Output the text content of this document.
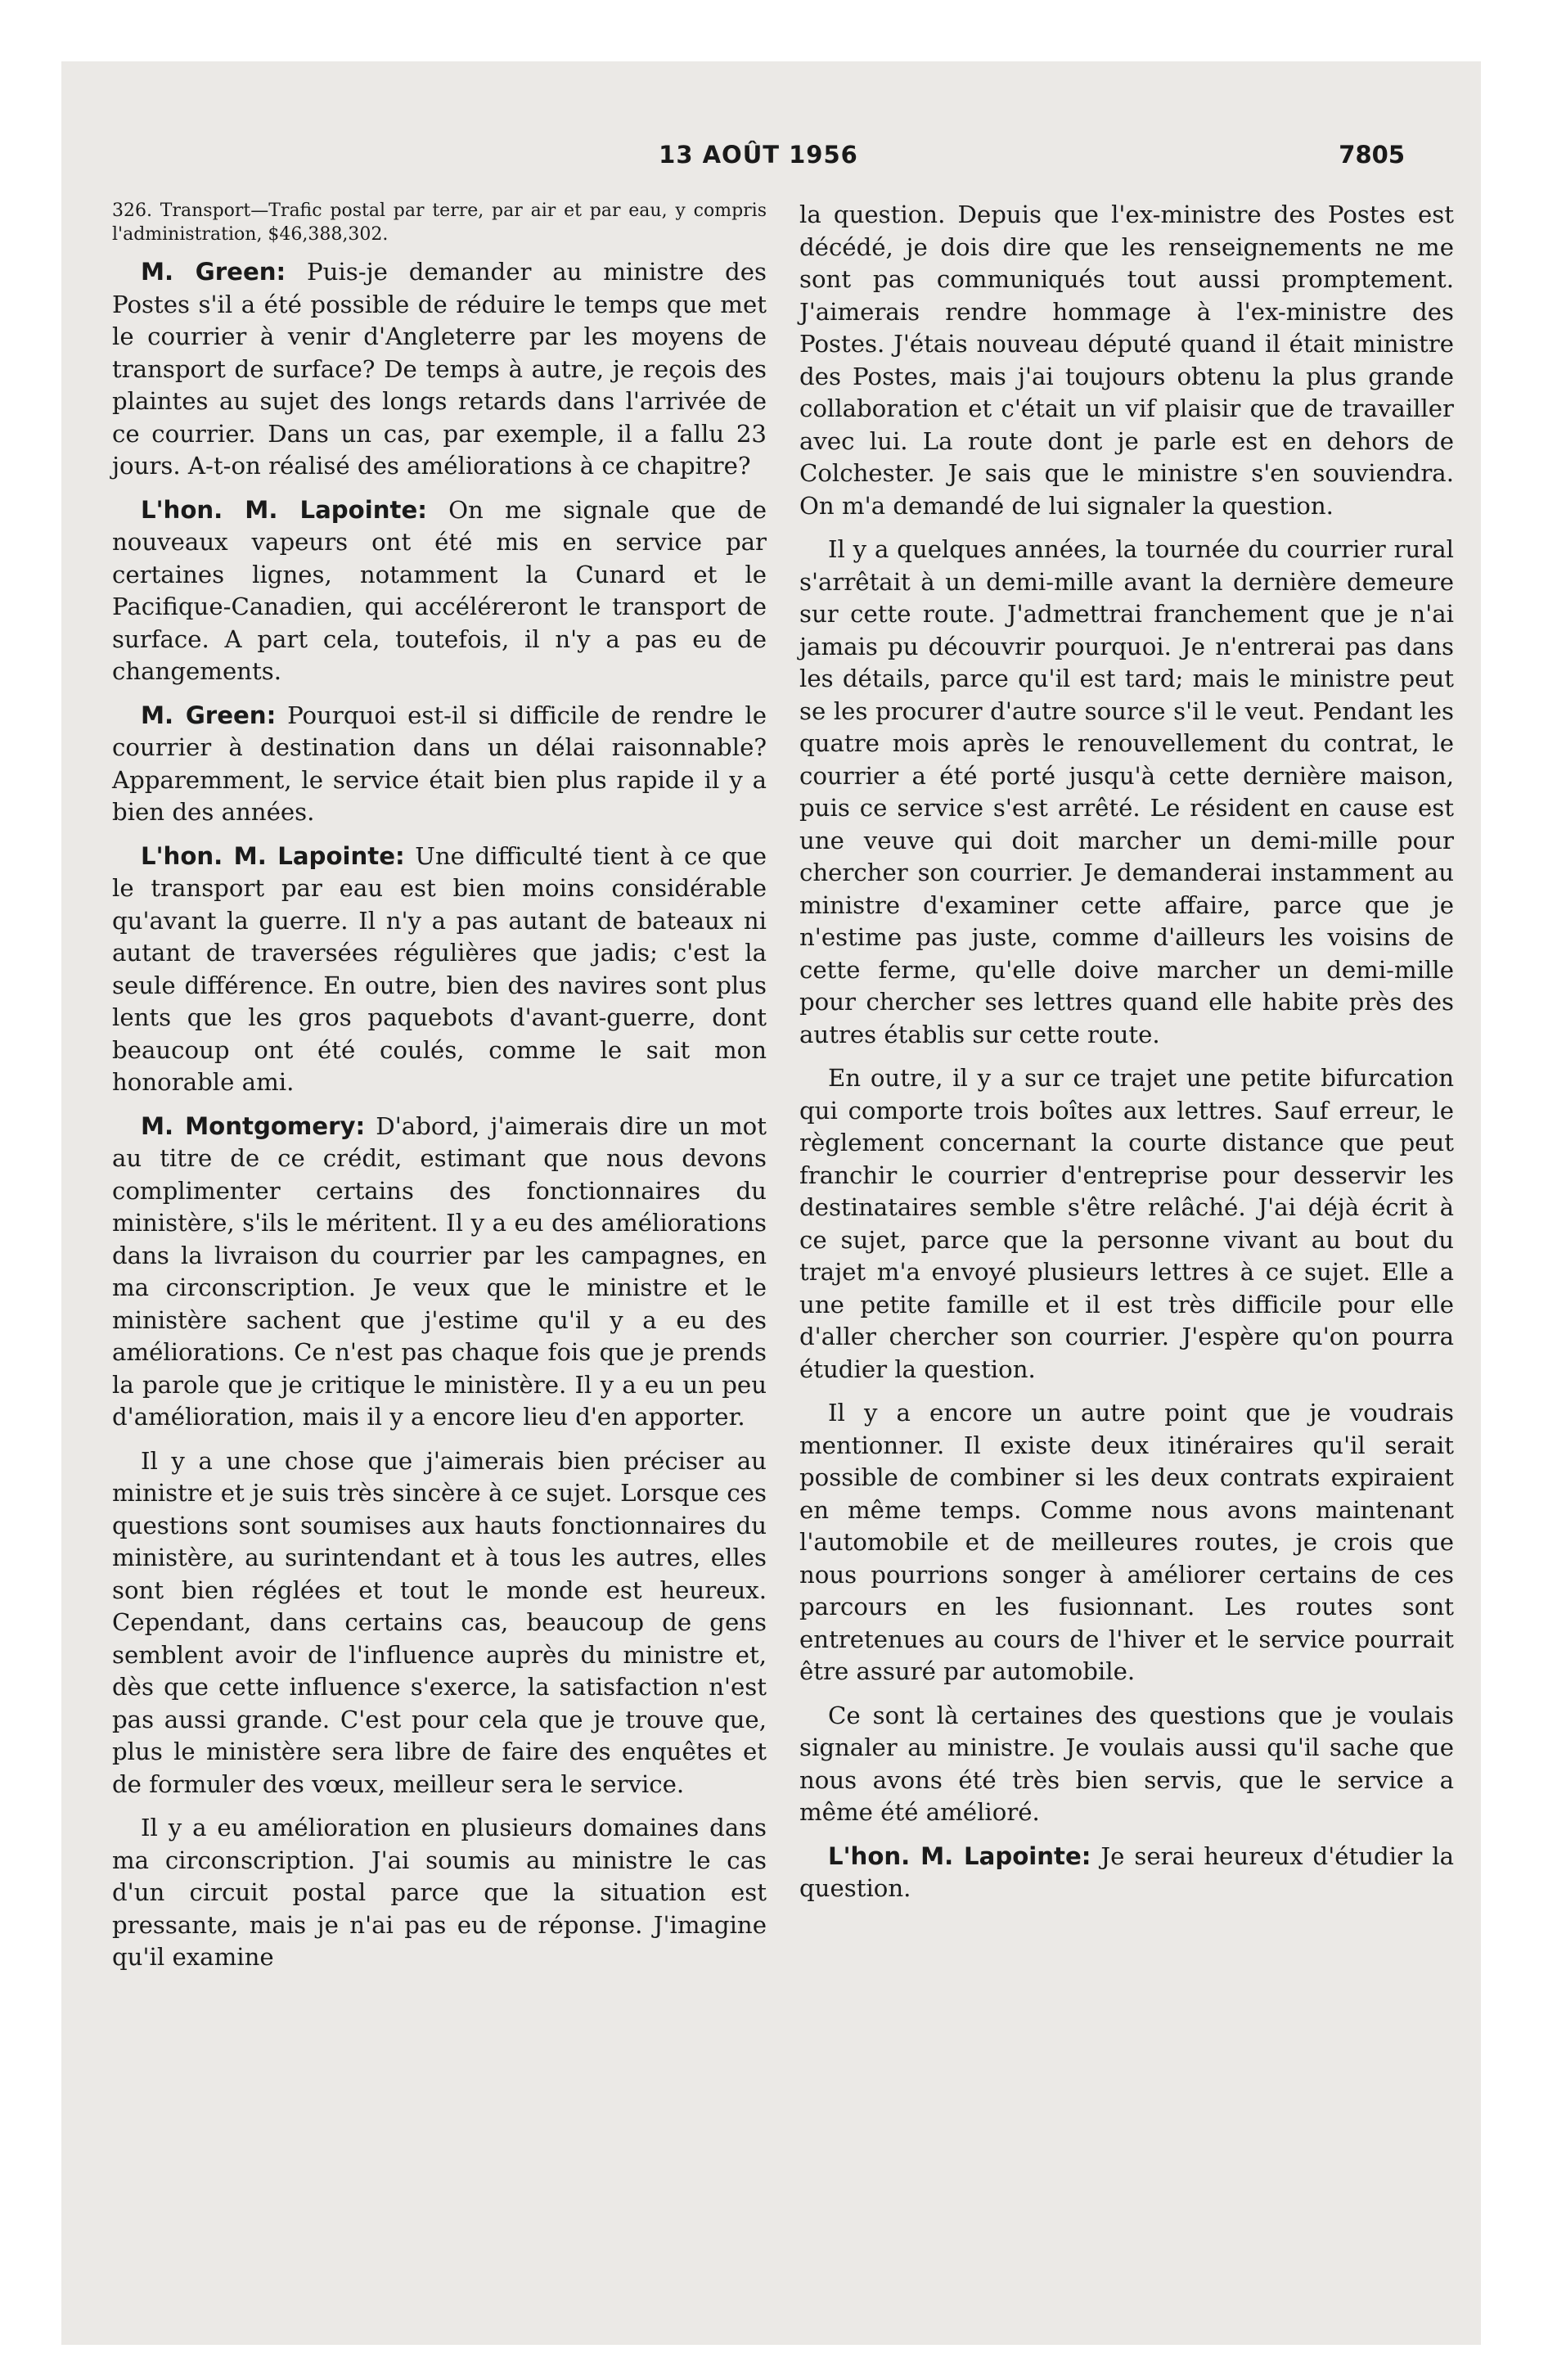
13 AOÛT 1956	7805

326. Transport—Trafic postal par terre, par air et par eau, y compris l'administration, $46,388,302.

M. Green: Puis-je demander au ministre des Postes s'il a été possible de réduire le temps que met le courrier à venir d'Angleterre par les moyens de transport de surface? De temps à autre, je reçois des plaintes au sujet des longs retards dans l'arrivée de ce courrier. Dans un cas, par exemple, il a fallu 23 jours. A-t-on réalisé des améliorations à ce chapitre?

L'hon. M. Lapointe: On me signale que de nouveaux vapeurs ont été mis en service par certaines lignes, notamment la Cunard et le Pacifique-Canadien, qui accéléreront le transport de surface. A part cela, toutefois, il n'y a pas eu de changements.

M. Green: Pourquoi est-il si difficile de rendre le courrier à destination dans un délai raisonnable? Apparemment, le service était bien plus rapide il y a bien des années.

L'hon. M. Lapointe: Une difficulté tient à ce que le transport par eau est bien moins considérable qu'avant la guerre. Il n'y a pas autant de bateaux ni autant de traversées régulières que jadis; c'est la seule différence. En outre, bien des navires sont plus lents que les gros paquebots d'avant-guerre, dont beaucoup ont été coulés, comme le sait mon honorable ami.

M. Montgomery: D'abord, j'aimerais dire un mot au titre de ce crédit, estimant que nous devons complimenter certains des fonctionnaires du ministère, s'ils le méritent. Il y a eu des améliorations dans la livraison du courrier par les campagnes, en ma circonscription. Je veux que le ministre et le ministère sachent que j'estime qu'il y a eu des améliorations. Ce n'est pas chaque fois que je prends la parole que je critique le ministère. Il y a eu un peu d'amélioration, mais il y a encore lieu d'en apporter.

Il y a une chose que j'aimerais bien préciser au ministre et je suis très sincère à ce sujet. Lorsque ces questions sont soumises aux hauts fonctionnaires du ministère, au surintendant et à tous les autres, elles sont bien réglées et tout le monde est heureux. Cependant, dans certains cas, beaucoup de gens semblent avoir de l'influence auprès du ministre et, dès que cette influence s'exerce, la satisfaction n'est pas aussi grande. C'est pour cela que je trouve que, plus le ministère sera libre de faire des enquêtes et de formuler des vœux, meilleur sera le service.

Il y a eu amélioration en plusieurs domaines dans ma circonscription. J'ai soumis au ministre le cas d'un circuit postal parce que la situation est pressante, mais je n'ai pas eu de réponse. J'imagine qu'il examine

la question. Depuis que l'ex-ministre des Postes est décédé, je dois dire que les renseignements ne me sont pas communiqués tout aussi promptement. J'aimerais rendre hommage à l'ex-ministre des Postes. J'étais nouveau député quand il était ministre des Postes, mais j'ai toujours obtenu la plus grande collaboration et c'était un vif plaisir que de travailler avec lui. La route dont je parle est en dehors de Colchester. Je sais que le ministre s'en souviendra. On m'a demandé de lui signaler la question.

Il y a quelques années, la tournée du courrier rural s'arrêtait à un demi-mille avant la dernière demeure sur cette route. J'admettrai franchement que je n'ai jamais pu découvrir pourquoi. Je n'entrerai pas dans les détails, parce qu'il est tard; mais le ministre peut se les procurer d'autre source s'il le veut. Pendant les quatre mois après le renouvellement du contrat, le courrier a été porté jusqu'à cette dernière maison, puis ce service s'est arrêté. Le résident en cause est une veuve qui doit marcher un demi-mille pour chercher son courrier. Je demanderai instamment au ministre d'examiner cette affaire, parce que je n'estime pas juste, comme d'ailleurs les voisins de cette ferme, qu'elle doive marcher un demi-mille pour chercher ses lettres quand elle habite près des autres établis sur cette route.

En outre, il y a sur ce trajet une petite bifurcation qui comporte trois boîtes aux lettres. Sauf erreur, le règlement concernant la courte distance que peut franchir le courrier d'entreprise pour desservir les destinataires semble s'être relâché. J'ai déjà écrit à ce sujet, parce que la personne vivant au bout du trajet m'a envoyé plusieurs lettres à ce sujet. Elle a une petite famille et il est très difficile pour elle d'aller chercher son courrier. J'espère qu'on pourra étudier la question.

Il y a encore un autre point que je voudrais mentionner. Il existe deux itinéraires qu'il serait possible de combiner si les deux contrats expiraient en même temps. Comme nous avons maintenant l'automobile et de meilleures routes, je crois que nous pourrions songer à améliorer certains de ces parcours en les fusionnant. Les routes sont entretenues au cours de l'hiver et le service pourrait être assuré par automobile.

Ce sont là certaines des questions que je voulais signaler au ministre. Je voulais aussi qu'il sache que nous avons été très bien servis, que le service a même été amélioré.

L'hon. M. Lapointe: Je serai heureux d'étudier la question.
